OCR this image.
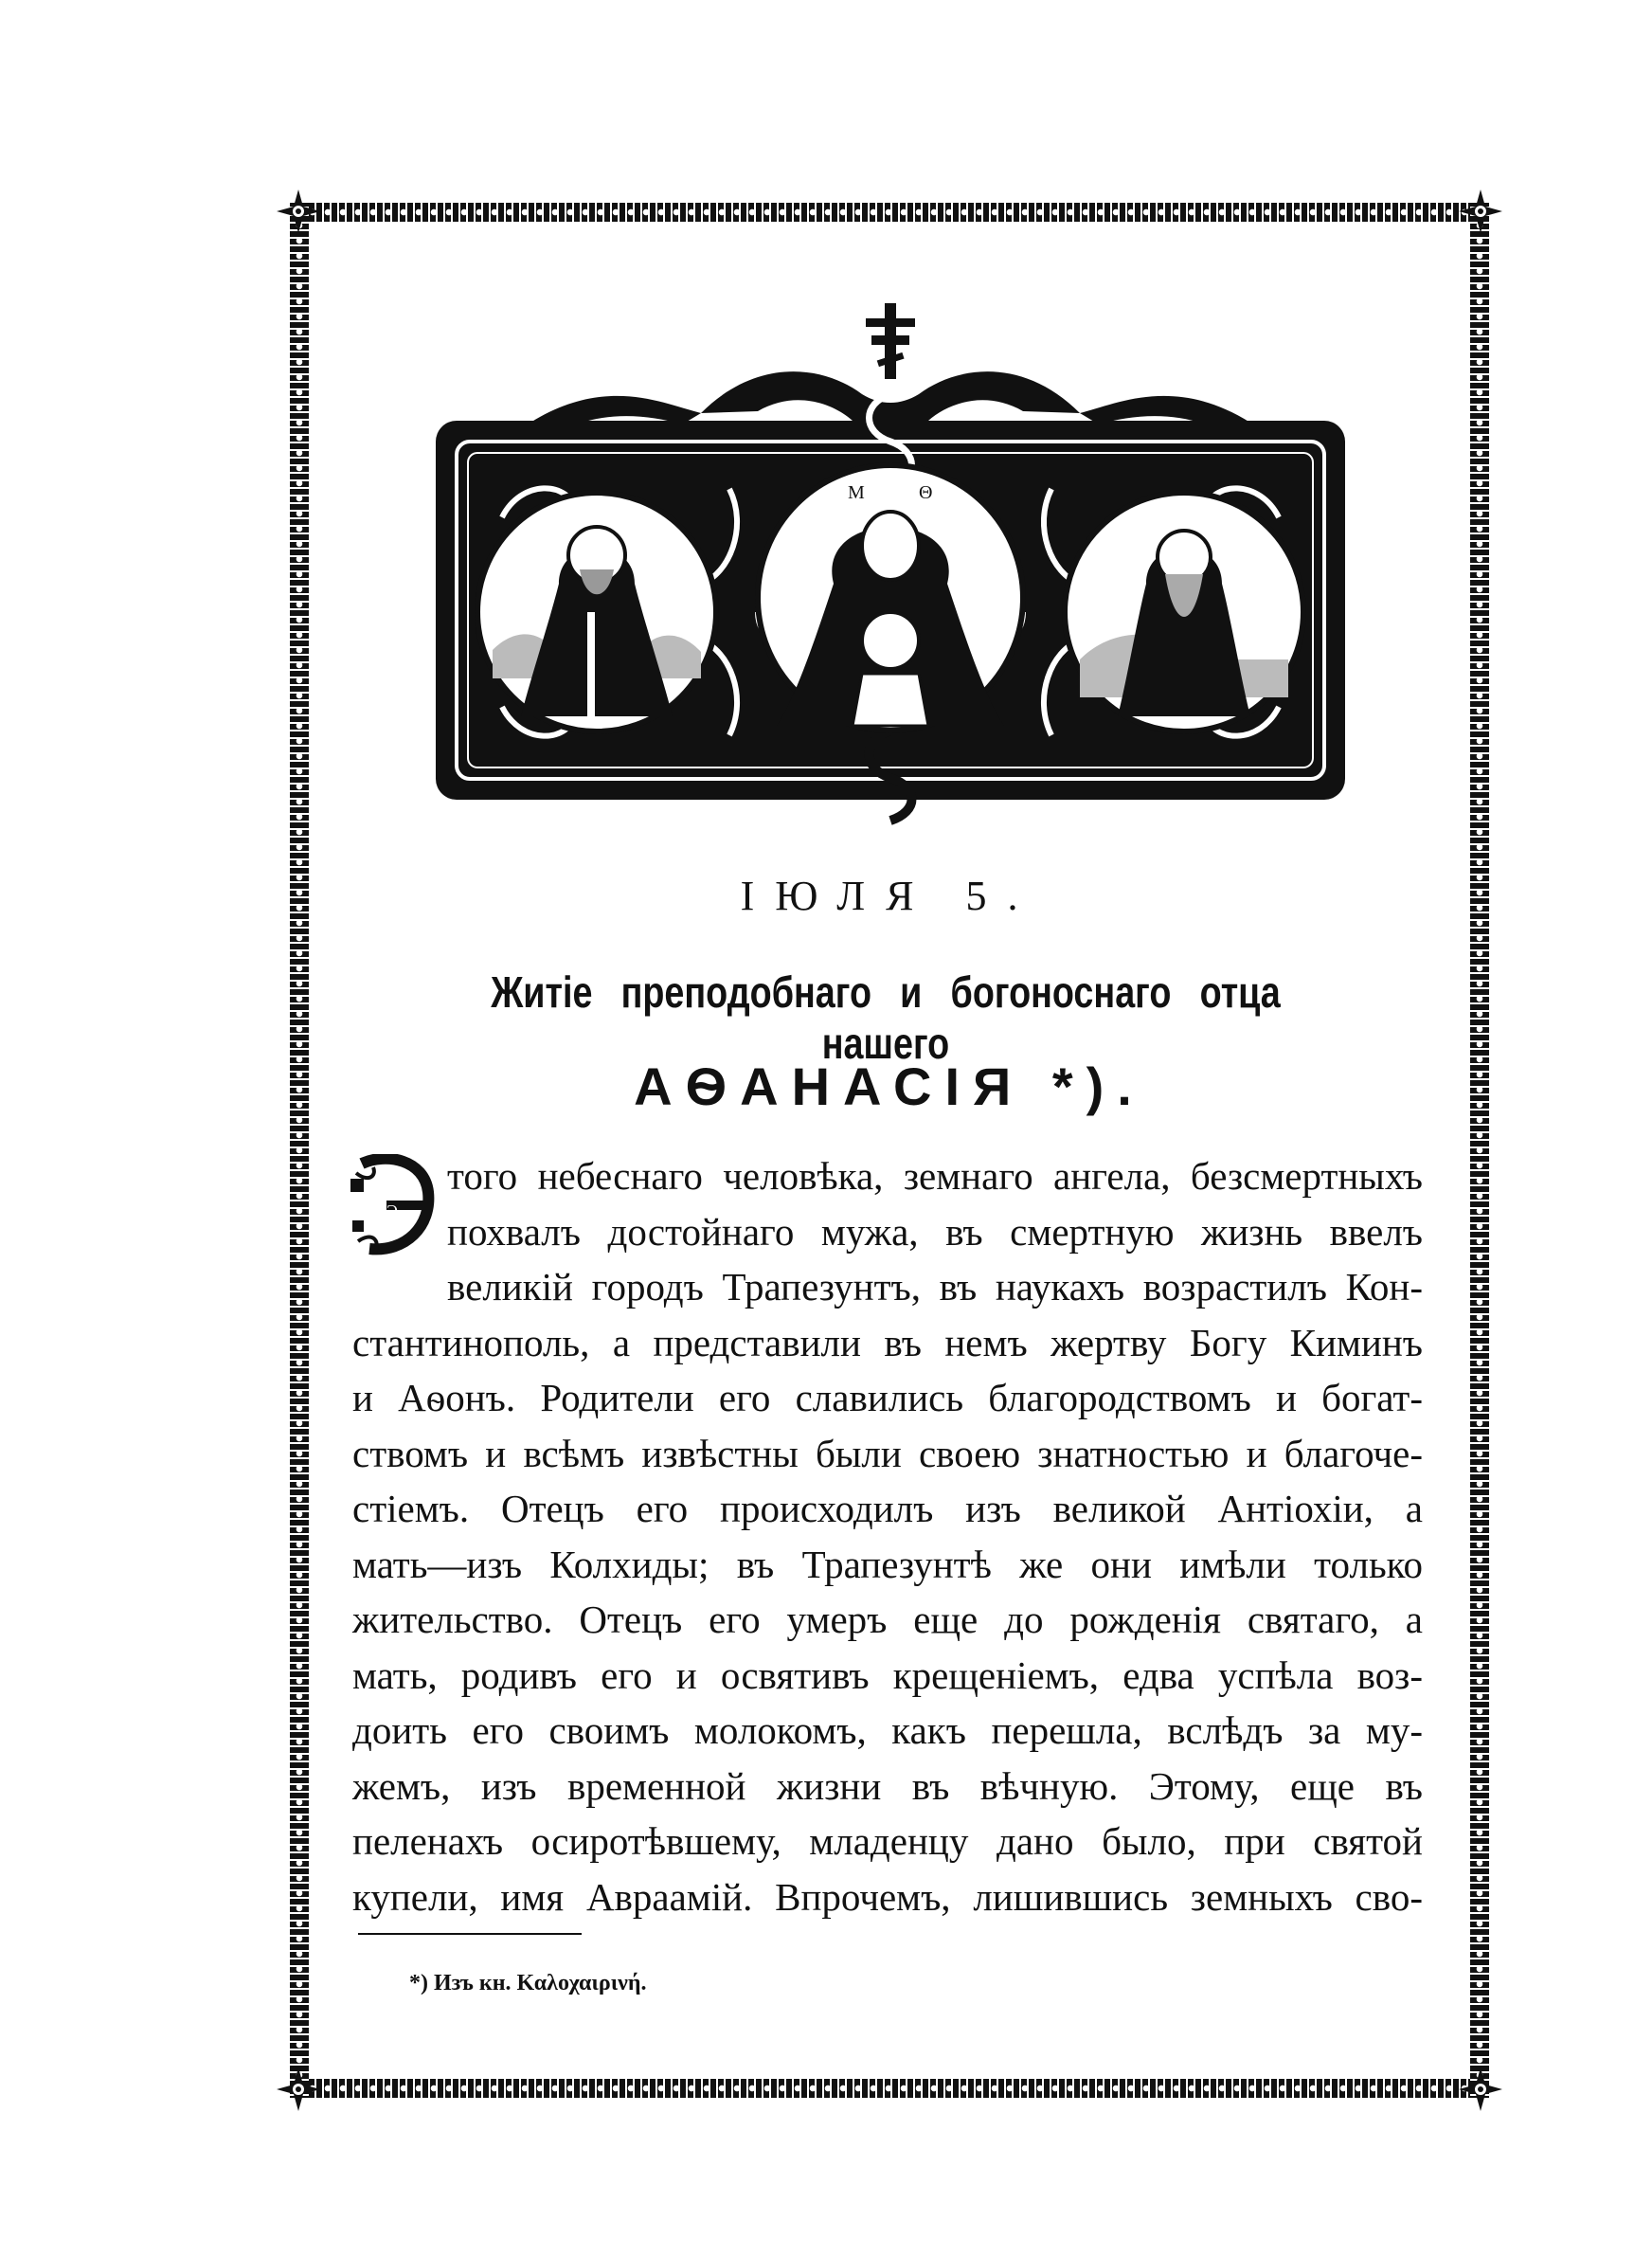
M	Θ
ІЮЛЯ 5.
Житіе преподобнаго и богоноснаго отца нашего
АѲАНАСІЯ *).
Э
того небеснаго человѣка, земнаго ангела, безсмертныхъ
похвалъ достойнаго мужа, въ смертную жизнь ввелъ
великій городъ Трапезунтъ, въ наукахъ возрастилъ Кон-
стантинополь, а представили въ немъ жертву Богу Киминъ
и Аѳонъ. Родители его славились благородствомъ и богат-
ствомъ и всѣмъ извѣстны были своею знатностью и благоче-
стіемъ. Отецъ его происходилъ изъ великой Антіохіи, а
мать—изъ Колхиды; въ Трапезунтѣ же они имѣли только
жительство. Отецъ его умеръ еще до рожденія святаго, а
мать, родивъ его и освятивъ крещеніемъ, едва успѣла воз-
доить его своимъ молокомъ, какъ перешла, вслѣдъ за му-
жемъ, изъ временной жизни въ вѣчную. Этому, еще въ
пеленахъ осиротѣвшему, младенцу дано было, при святой
купели, имя Авраамій. Впрочемъ, лишившись земныхъ сво-
*) Изъ кн. Καλοχαιρινή.
